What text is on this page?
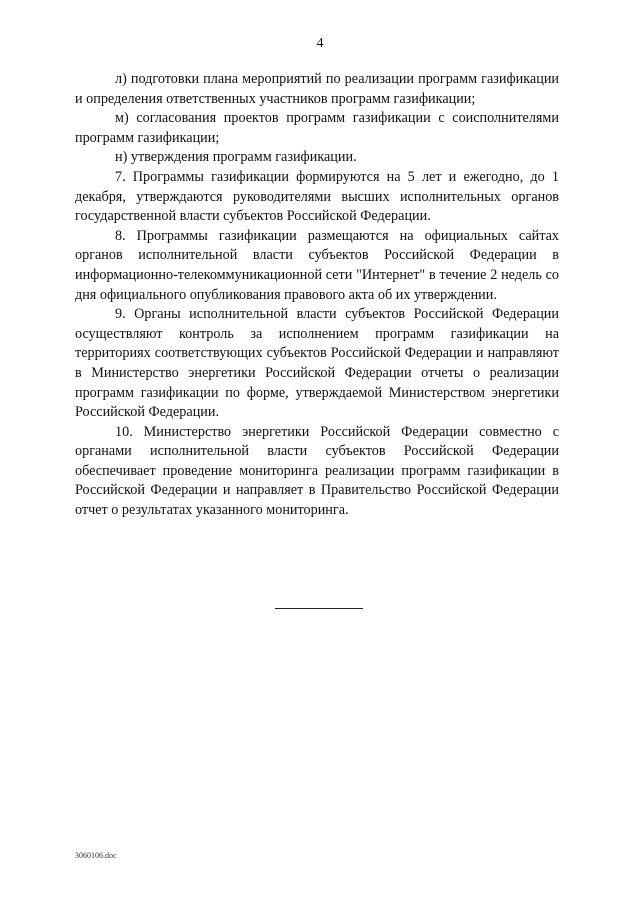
4

л) подготовки плана мероприятий по реализации программ газификации и определения ответственных участников программ газификации;

м) согласования проектов программ газификации с соисполнителями программ газификации;

н) утверждения программ газификации.

7. Программы газификации формируются на 5 лет и ежегодно, до 1 декабря, утверждаются руководителями высших исполнительных органов государственной власти субъектов Российской Федерации.

8. Программы газификации размещаются на официальных сайтах органов исполнительной власти субъектов Российской Федерации в информационно-телекоммуникационной сети "Интернет" в течение 2 недель со дня официального опубликования правового акта об их утверждении.

9. Органы исполнительной власти субъектов Российской Федерации осуществляют контроль за исполнением программ газификации на территориях соответствующих субъектов Российской Федерации и направляют в Министерство энергетики Российской Федерации отчеты о реализации программ газификации по форме, утверждаемой Министерством энергетики Российской Федерации.

10. Министерство энергетики Российской Федерации совместно с органами исполнительной власти субъектов Российской Федерации обеспечивает проведение мониторинга реализации программ газификации в Российской Федерации и направляет в Правительство Российской Федерации отчет о результатах указанного мониторинга.

3060106.doc
